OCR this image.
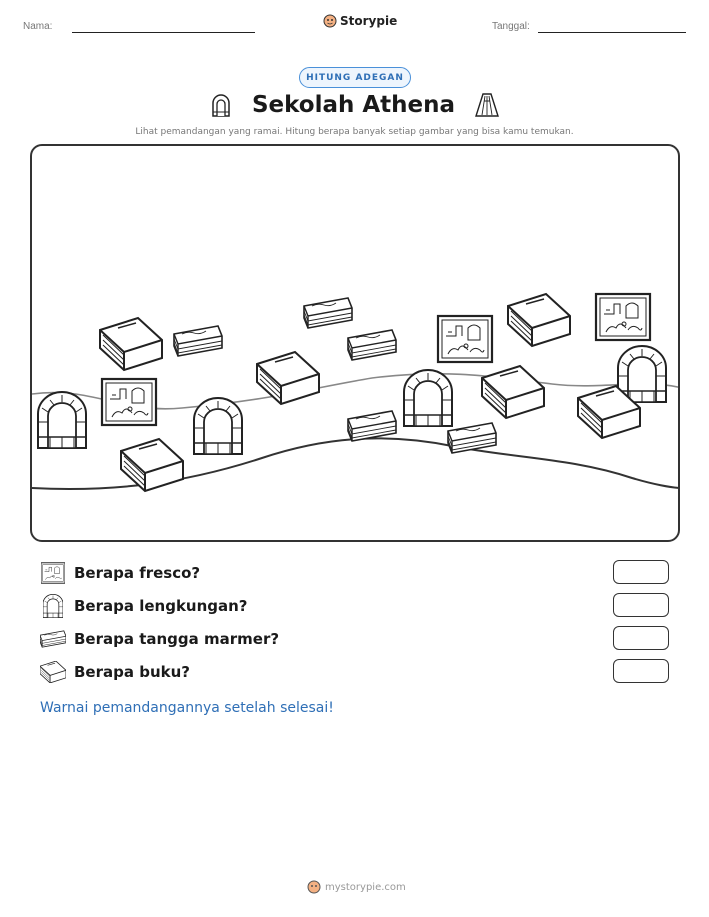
Nama:	Storypie	Tanggal:
HITUNG ADEGAN
Sekolah Athena
Lihat pemandangan yang ramai. Hitung berapa banyak setiap gambar yang bisa kamu temukan.
Berapa fresco?
Berapa lengkungan?
Berapa tangga marmer?
Berapa buku?
Warnai pemandangannya setelah selesai!
mystorypie.com
